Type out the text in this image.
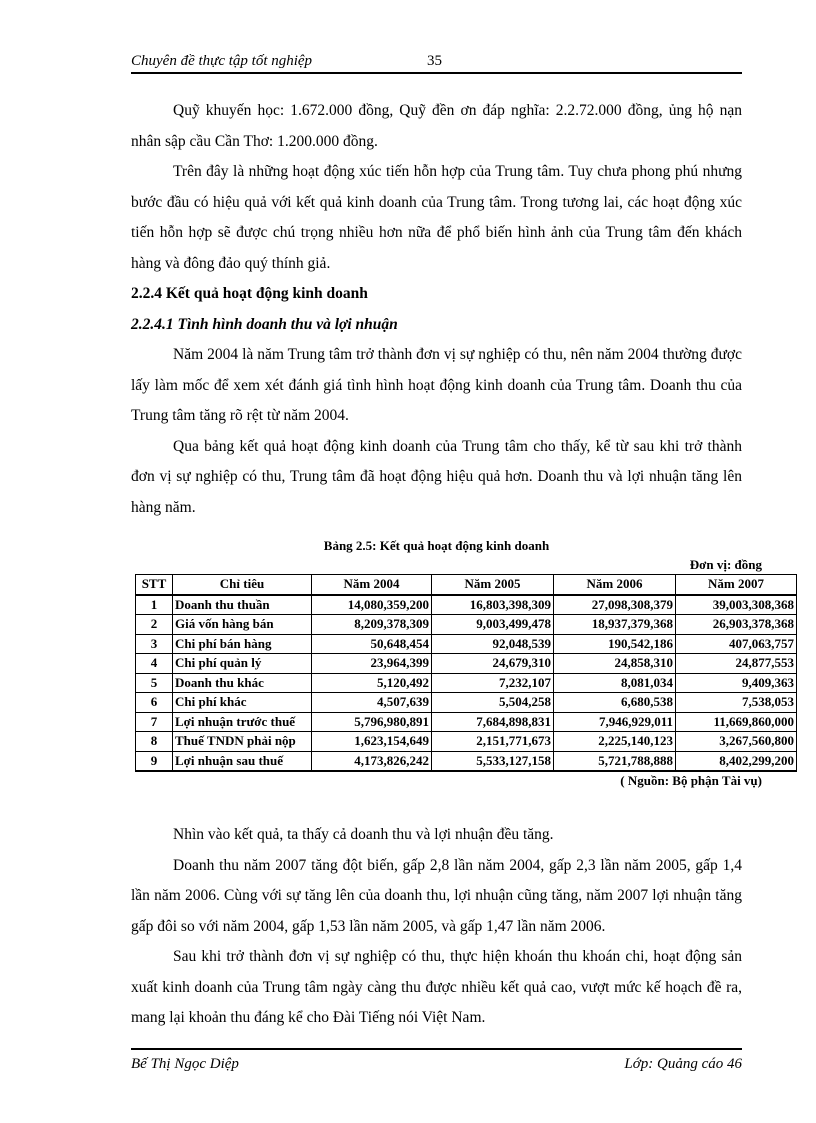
Chuyên đề thực tập tốt nghiệp	35

Quỹ khuyến học: 1.672.000 đồng, Quỹ đền ơn đáp nghĩa: 2.2.72.000 đồng, ủng hộ nạn nhân sập cầu Cần Thơ: 1.200.000 đồng.

Trên đây là những hoạt động xúc tiến hỗn hợp của Trung tâm. Tuy chưa phong phú nhưng bước đầu có hiệu quả với kết quả kinh doanh của Trung tâm. Trong tương lai, các hoạt động xúc tiến hỗn hợp sẽ được chú trọng nhiều hơn nữa để phổ biến hình ảnh của Trung tâm đến khách hàng và đông đảo quý thính giả.

2.2.4 Kết quả hoạt động kinh doanh
2.2.4.1 Tình hình doanh thu và lợi nhuận

Năm 2004 là năm Trung tâm trở thành đơn vị sự nghiệp có thu, nên năm 2004 thường được lấy làm mốc để xem xét đánh giá tình hình hoạt động kinh doanh của Trung tâm. Doanh thu của Trung tâm tăng rõ rệt từ năm 2004.

Qua bảng kết quả hoạt động kinh doanh của Trung tâm cho thấy, kể từ sau khi trở thành đơn vị sự nghiệp có thu, Trung tâm đã hoạt động hiệu quả hơn. Doanh thu và lợi nhuận tăng lên hàng năm.

Bảng 2.5: Kết quả hoạt động kinh doanh
Đơn vị: đồng
STT	Chỉ tiêu	Năm 2004	Năm 2005	Năm 2006	Năm 2007
1	Doanh thu thuần	14,080,359,200	16,803,398,309	27,098,308,379	39,003,308,368
2	Giá vốn hàng bán	8,209,378,309	9,003,499,478	18,937,379,368	26,903,378,368
3	Chi phí bán hàng	50,648,454	92,048,539	190,542,186	407,063,757
4	Chi phí quản lý	23,964,399	24,679,310	24,858,310	24,877,553
5	Doanh thu khác	5,120,492	7,232,107	8,081,034	9,409,363
6	Chi phí khác	4,507,639	5,504,258	6,680,538	7,538,053
7	Lợi nhuận trước thuế	5,796,980,891	7,684,898,831	7,946,929,011	11,669,860,000
8	Thuế TNDN phải nộp	1,623,154,649	2,151,771,673	2,225,140,123	3,267,560,800
9	Lợi nhuận sau thuế	4,173,826,242	5,533,127,158	5,721,788,888	8,402,299,200
( Nguồn: Bộ phận Tài vụ)

Nhìn vào kết quả, ta thấy cả doanh thu và lợi nhuận đều tăng.

Doanh thu năm 2007 tăng đột biến, gấp 2,8 lần năm 2004, gấp 2,3 lần năm 2005, gấp 1,4 lần năm 2006. Cùng với sự tăng lên của doanh thu, lợi nhuận cũng tăng, năm 2007 lợi nhuận tăng gấp đôi so với năm 2004, gấp 1,53 lần năm 2005, và gấp 1,47 lần năm 2006.

Sau khi trở thành đơn vị sự nghiệp có thu, thực hiện khoán thu khoán chi, hoạt động sản xuất kinh doanh của Trung tâm ngày càng thu được nhiều kết quả cao, vượt mức kế hoạch đề ra, mang lại khoản thu đáng kể cho Đài Tiếng nói Việt Nam.

Bế Thị Ngọc Diệp	Lớp: Quảng cáo 46
